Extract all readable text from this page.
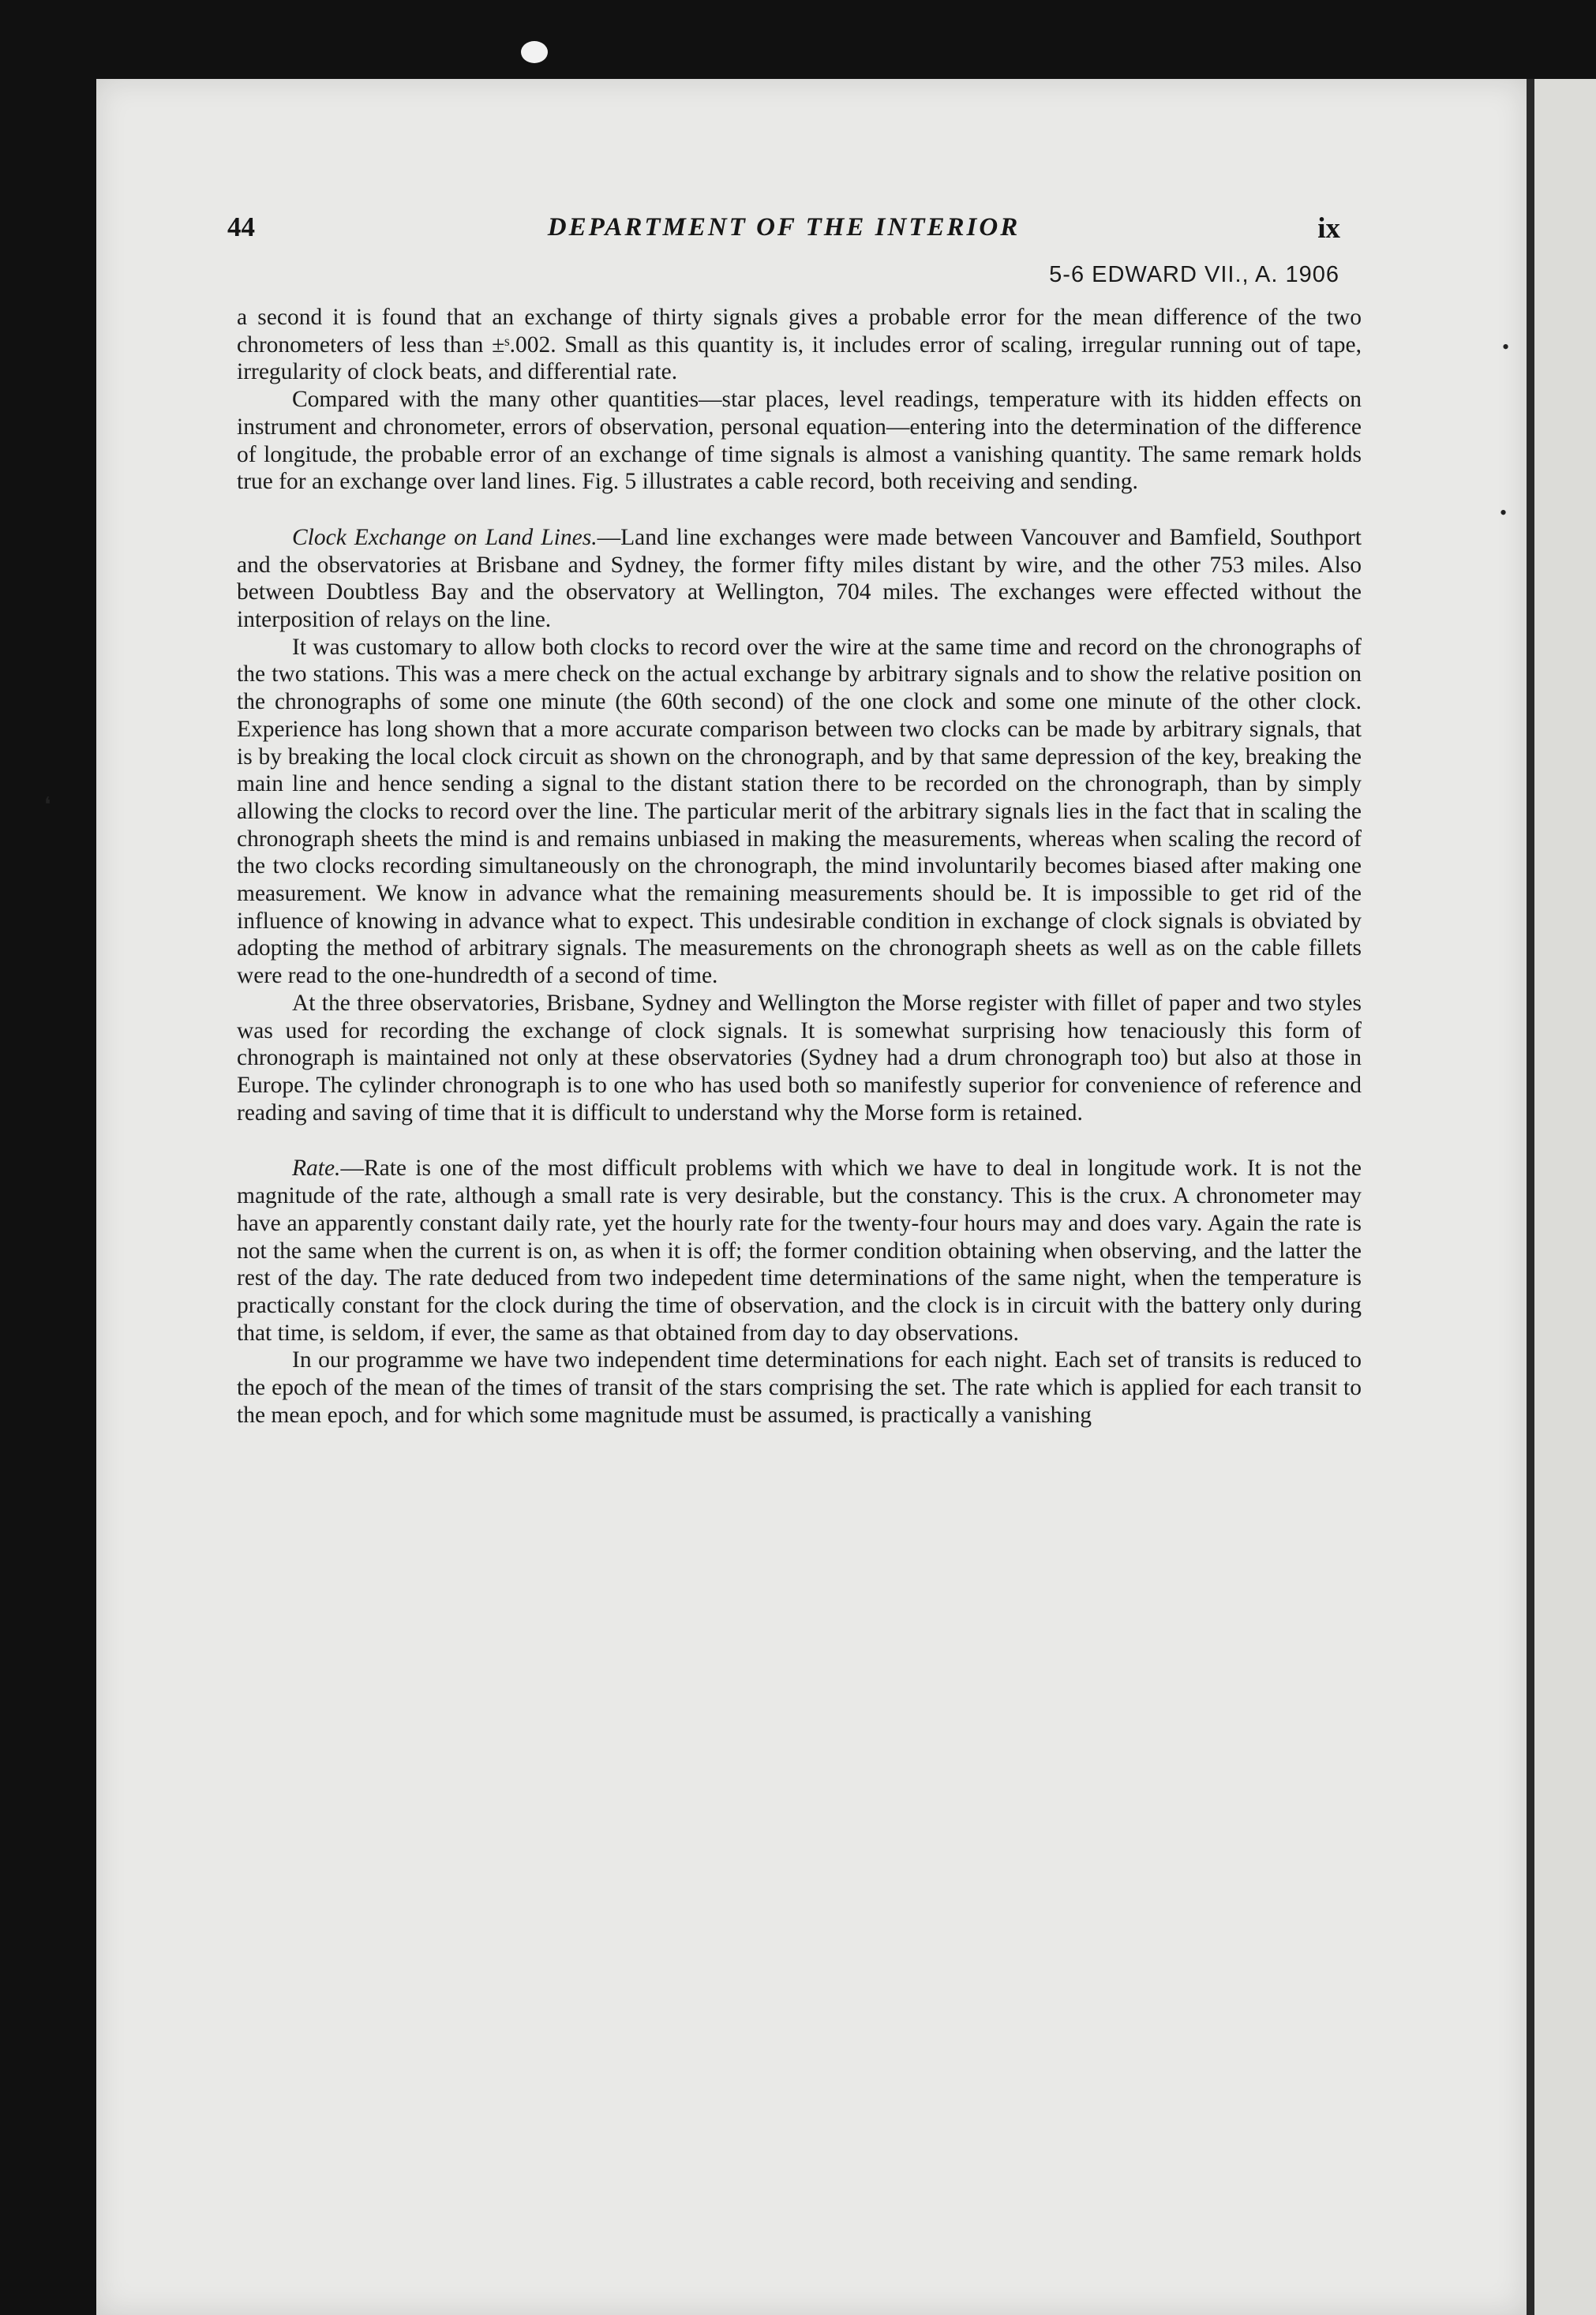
❛
•
•
44	DEPARTMENT OF THE INTERIOR	ix
5-6 EDWARD VII., A. 1906

a second it is found that an exchange of thirty signals gives a probable error for the mean difference of the two chronometers of less than ±ˢ.002. Small as this quantity is, it includes error of scaling, irregular running out of tape, irregularity of clock beats, and differential rate.

Compared with the many other quantities—star places, level readings, temperature with its hidden effects on instrument and chronometer, errors of observation, personal equation—entering into the determination of the difference of longitude, the probable error of an exchange of time signals is almost a vanishing quantity. The same remark holds true for an exchange over land lines. Fig. 5 illustrates a cable record, both receiving and sending.

Clock Exchange on Land Lines.—Land line exchanges were made between Vancouver and Bamfield, Southport and the observatories at Brisbane and Sydney, the former fifty miles distant by wire, and the other 753 miles. Also between Doubtless Bay and the observatory at Wellington, 704 miles. The exchanges were effected without the interposition of relays on the line.

It was customary to allow both clocks to record over the wire at the same time and record on the chronographs of the two stations. This was a mere check on the actual exchange by arbitrary signals and to show the relative position on the chronographs of some one minute (the 60th second) of the one clock and some one minute of the other clock. Experience has long shown that a more accurate comparison between two clocks can be made by arbitrary signals, that is by breaking the local clock circuit as shown on the chronograph, and by that same depression of the key, breaking the main line and hence sending a signal to the distant station there to be recorded on the chronograph, than by simply allowing the clocks to record over the line. The particular merit of the arbitrary signals lies in the fact that in scaling the chronograph sheets the mind is and remains unbiased in making the measurements, whereas when scaling the record of the two clocks recording simultaneously on the chronograph, the mind involuntarily becomes biased after making one measurement. We know in advance what the remaining measurements should be. It is impossible to get rid of the influence of knowing in advance what to expect. This undesirable condition in exchange of clock signals is obviated by adopting the method of arbitrary signals. The measurements on the chronograph sheets as well as on the cable fillets were read to the one-hundredth of a second of time.

At the three observatories, Brisbane, Sydney and Wellington the Morse register with fillet of paper and two styles was used for recording the exchange of clock signals. It is somewhat surprising how tenaciously this form of chronograph is maintained not only at these observatories (Sydney had a drum chronograph too) but also at those in Europe. The cylinder chronograph is to one who has used both so manifestly superior for convenience of reference and reading and saving of time that it is difficult to understand why the Morse form is retained.

Rate.—Rate is one of the most difficult problems with which we have to deal in longitude work. It is not the magnitude of the rate, although a small rate is very desirable, but the constancy. This is the crux. A chronometer may have an apparently constant daily rate, yet the hourly rate for the twenty-four hours may and does vary. Again the rate is not the same when the current is on, as when it is off; the former condition obtaining when observing, and the latter the rest of the day. The rate deduced from two indepedent time determinations of the same night, when the temperature is practically constant for the clock during the time of observation, and the clock is in circuit with the battery only during that time, is seldom, if ever, the same as that obtained from day to day observations.

In our programme we have two independent time determinations for each night. Each set of transits is reduced to the epoch of the mean of the times of transit of the stars comprising the set. The rate which is applied for each transit to the mean epoch, and for which some magnitude must be assumed, is practically a vanishing
